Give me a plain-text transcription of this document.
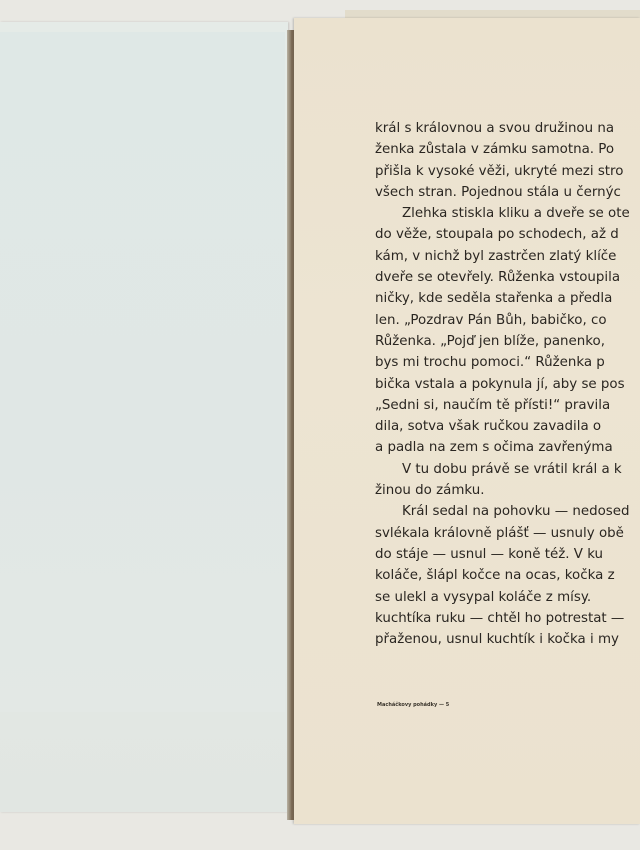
král s královnou a svou družinou na
ženka zůstala v zámku samotna. Po
přišla k vysoké věži, ukryté mezi stro
všech stran. Pojednou stála u černýc
Zlehka stiskla kliku a dveře se ote
do věže, stoupala po schodech, až d
kám, v nichž byl zastrčen zlatý klíče
dveře se otevřely. Růženka vstoupila
ničky, kde seděla stařenka a předla
len. „Pozdrav Pán Bůh, babičko, co
Růženka. „Pojď jen blíže, panenko,
bys mi trochu pomoci.“ Růženka p
bička vstala a pokynula jí, aby se pos
„Sedni si, naučím tě přísti!“ pravila
dila, sotva však ručkou zavadila o
a padla na zem s očima zavřenýma
V tu dobu právě se vrátil král a k
žinou do zámku.
Král sedal na pohovku — nedosed
svlékala královně plášť — usnuly obě
do stáje — usnul — koně též. V ku
koláče, šlápl kočce na ocas, kočka z
se ulekl a vysypal koláče z mísy.
kuchtíka ruku — chtěl ho potrestat —
přaženou, usnul kuchtík i kočka i my
Macháčkovy pohádky — 5
